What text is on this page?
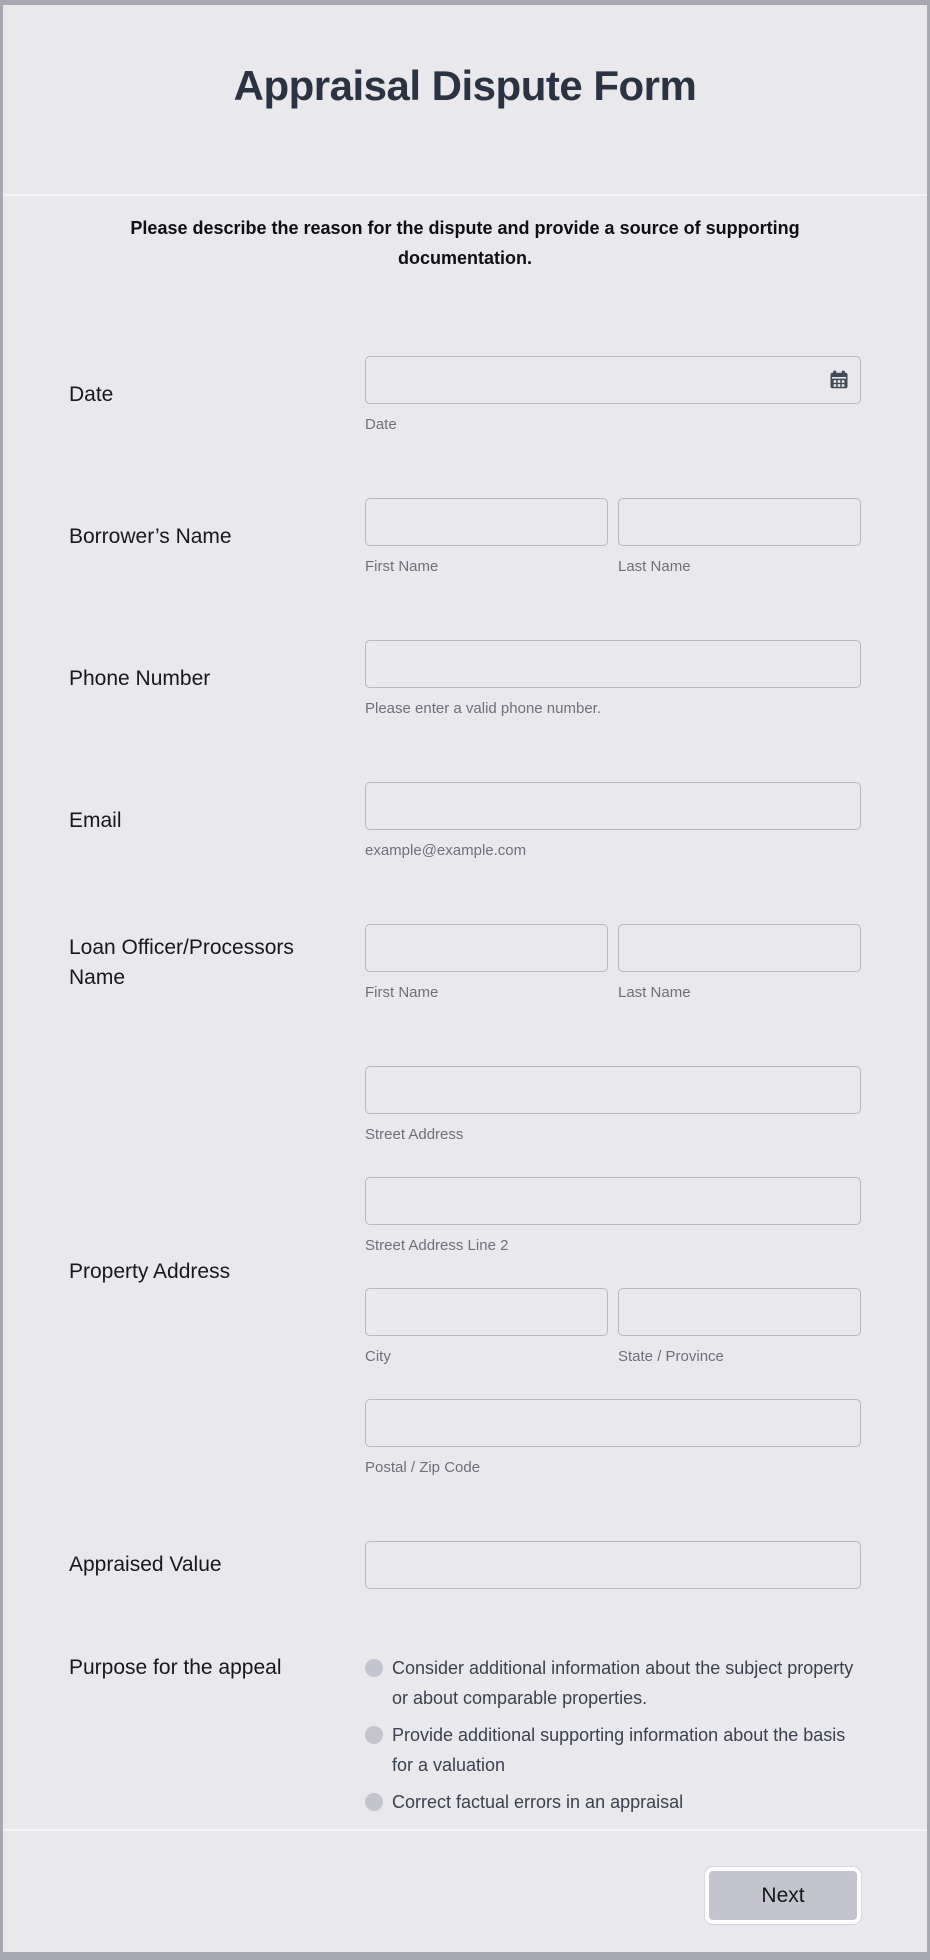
Appraisal Dispute Form
Please describe the reason for the dispute and provide a source of supporting documentation.
Date
Date
Borrower’s Name
First Name	Last Name
Phone Number
Please enter a valid phone number.
Email
example@example.com
Loan Officer/Processors Name
First Name	Last Name
Property Address
Street Address
Street Address Line 2
City	State / Province
Postal / Zip Code
Appraised Value
Purpose for the appeal	Consider additional information about the subject property or about comparable properties.
Provide additional supporting information about the basis for a valuation
Correct factual errors in an appraisal
Next
